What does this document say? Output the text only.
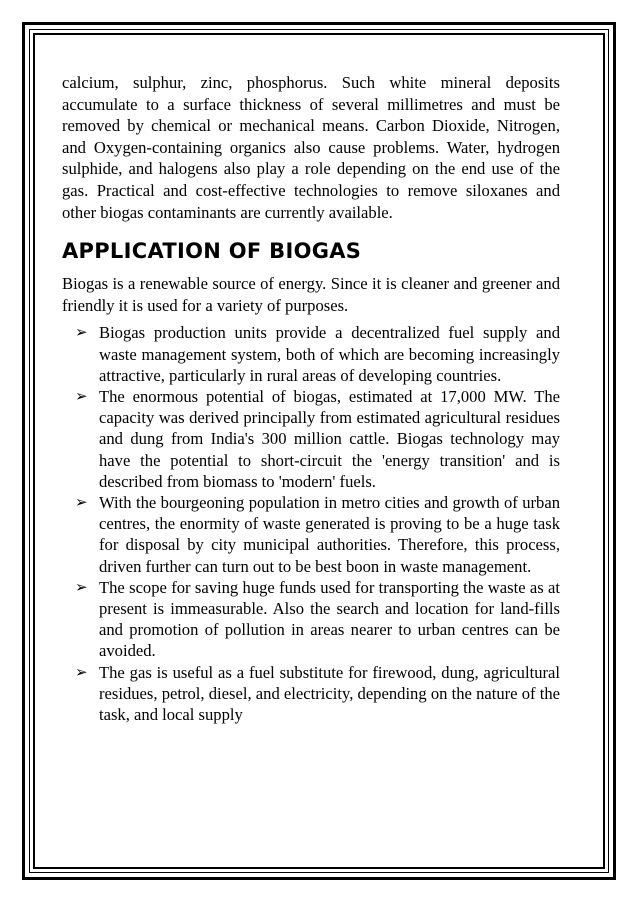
calcium, sulphur, zinc, phosphorus. Such white mineral deposits accumulate to a surface thickness of several millimetres and must be removed by chemical or mechanical means. Carbon Dioxide, Nitrogen, and Oxygen-containing organics also cause problems. Water, hydrogen sulphide, and halogens also play a role depending on the end use of the gas. Practical and cost-effective technologies to remove siloxanes and other biogas contaminants are currently available.

APPLICATION OF BIOGAS

Biogas is a renewable source of energy. Since it is cleaner and greener and friendly it is used for a variety of purposes.

➢ Biogas production units provide a decentralized fuel supply and waste management system, both of which are becoming increasingly attractive, particularly in rural areas of developing countries.
➢ The enormous potential of biogas, estimated at 17,000 MW. The capacity was derived principally from estimated agricultural residues and dung from India's 300 million cattle. Biogas technology may have the potential to short-circuit the 'energy transition' and is described from biomass to 'modern' fuels.
➢ With the bourgeoning population in metro cities and growth of urban centres, the enormity of waste generated is proving to be a huge task for disposal by city municipal authorities. Therefore, this process, driven further can turn out to be best boon in waste management.
➢ The scope for saving huge funds used for transporting the waste as at present is immeasurable. Also the search and location for land-fills and promotion of pollution in areas nearer to urban centres can be avoided.
➢ The gas is useful as a fuel substitute for firewood, dung, agricultural residues, petrol, diesel, and electricity, depending on the nature of the task, and local supply
